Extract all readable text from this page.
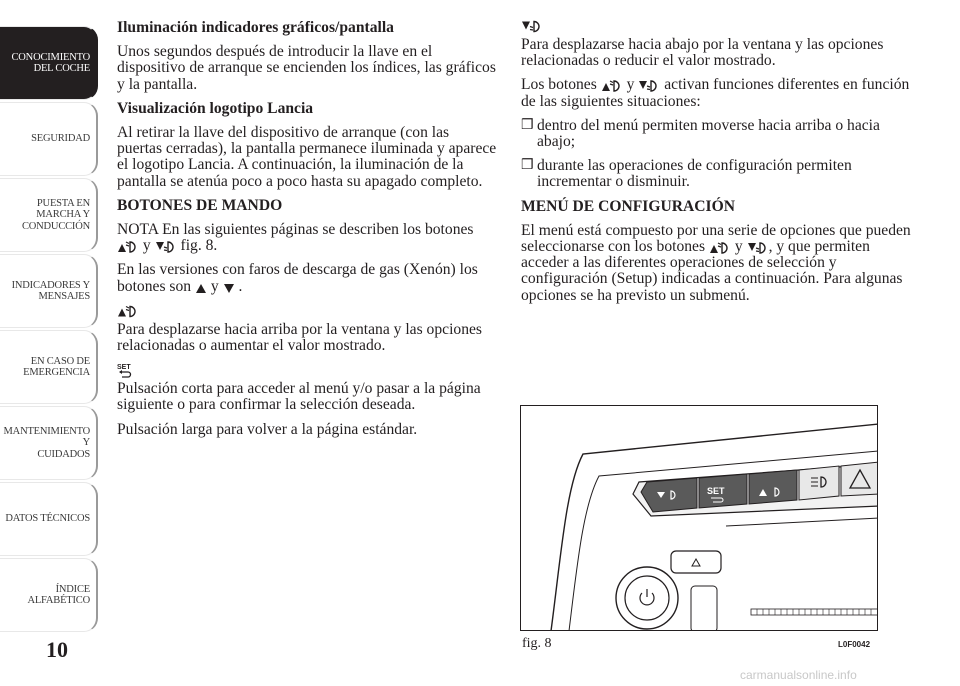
CONOCIMIENTO
DEL COCHE
SEGURIDAD
PUESTA EN
MARCHA Y
CONDUCCIÓN
INDICADORES Y
MENSAJES
EN CASO DE
EMERGENCIA
MANTENIMIENTO Y
CUIDADOS
DATOS TÉCNICOS
ÍNDICE
ALFABÉTICO
10
Iluminación indicadores gráficos/pantalla

Unos segundos después de introducir la llave en el dispositivo de arranque se encienden los índices, las gráficos y la pantalla.

Visualización logotipo Lancia

Al retirar la llave del dispositivo de arranque (con las puertas cerradas), la pantalla permanece iluminada y aparece el logotipo Lancia. A continuación, la iluminación de la pantalla se atenúa poco a poco hasta su apagado completo.

BOTONES DE MANDO

NOTA En las siguientes páginas se describen los botones  y fig. 8.

En las versiones con faros de descarga de gas (Xenón) los botones son y .

Para desplazarse hacia arriba por la ventana y las opciones relacionadas o aumentar el valor mostrado.

SET

Pulsación corta para acceder al menú y/o pasar a la página siguiente o para confirmar la selección deseada.

Pulsación larga para volver a la página estándar.

Para desplazarse hacia abajo por la ventana y las opciones relacionadas o reducir el valor mostrado.

Los botones y activan funciones diferentes en función de las siguientes situaciones:

❒ dentro del menú permiten moverse hacia arriba o hacia abajo;
❒ durante las operaciones de configuración permiten incrementar o disminuir.
MENÚ DE CONFIGURACIÓN

El menú está compuesto por una serie de opciones que pueden seleccionarse con los botones y , y que permiten acceder a las diferentes operaciones de selección y configuración (Setup) indicadas a continuación. Para algunas opciones se ha previsto un submenú.

SET
fig. 8	L0F0042
carmanualsonline.info
